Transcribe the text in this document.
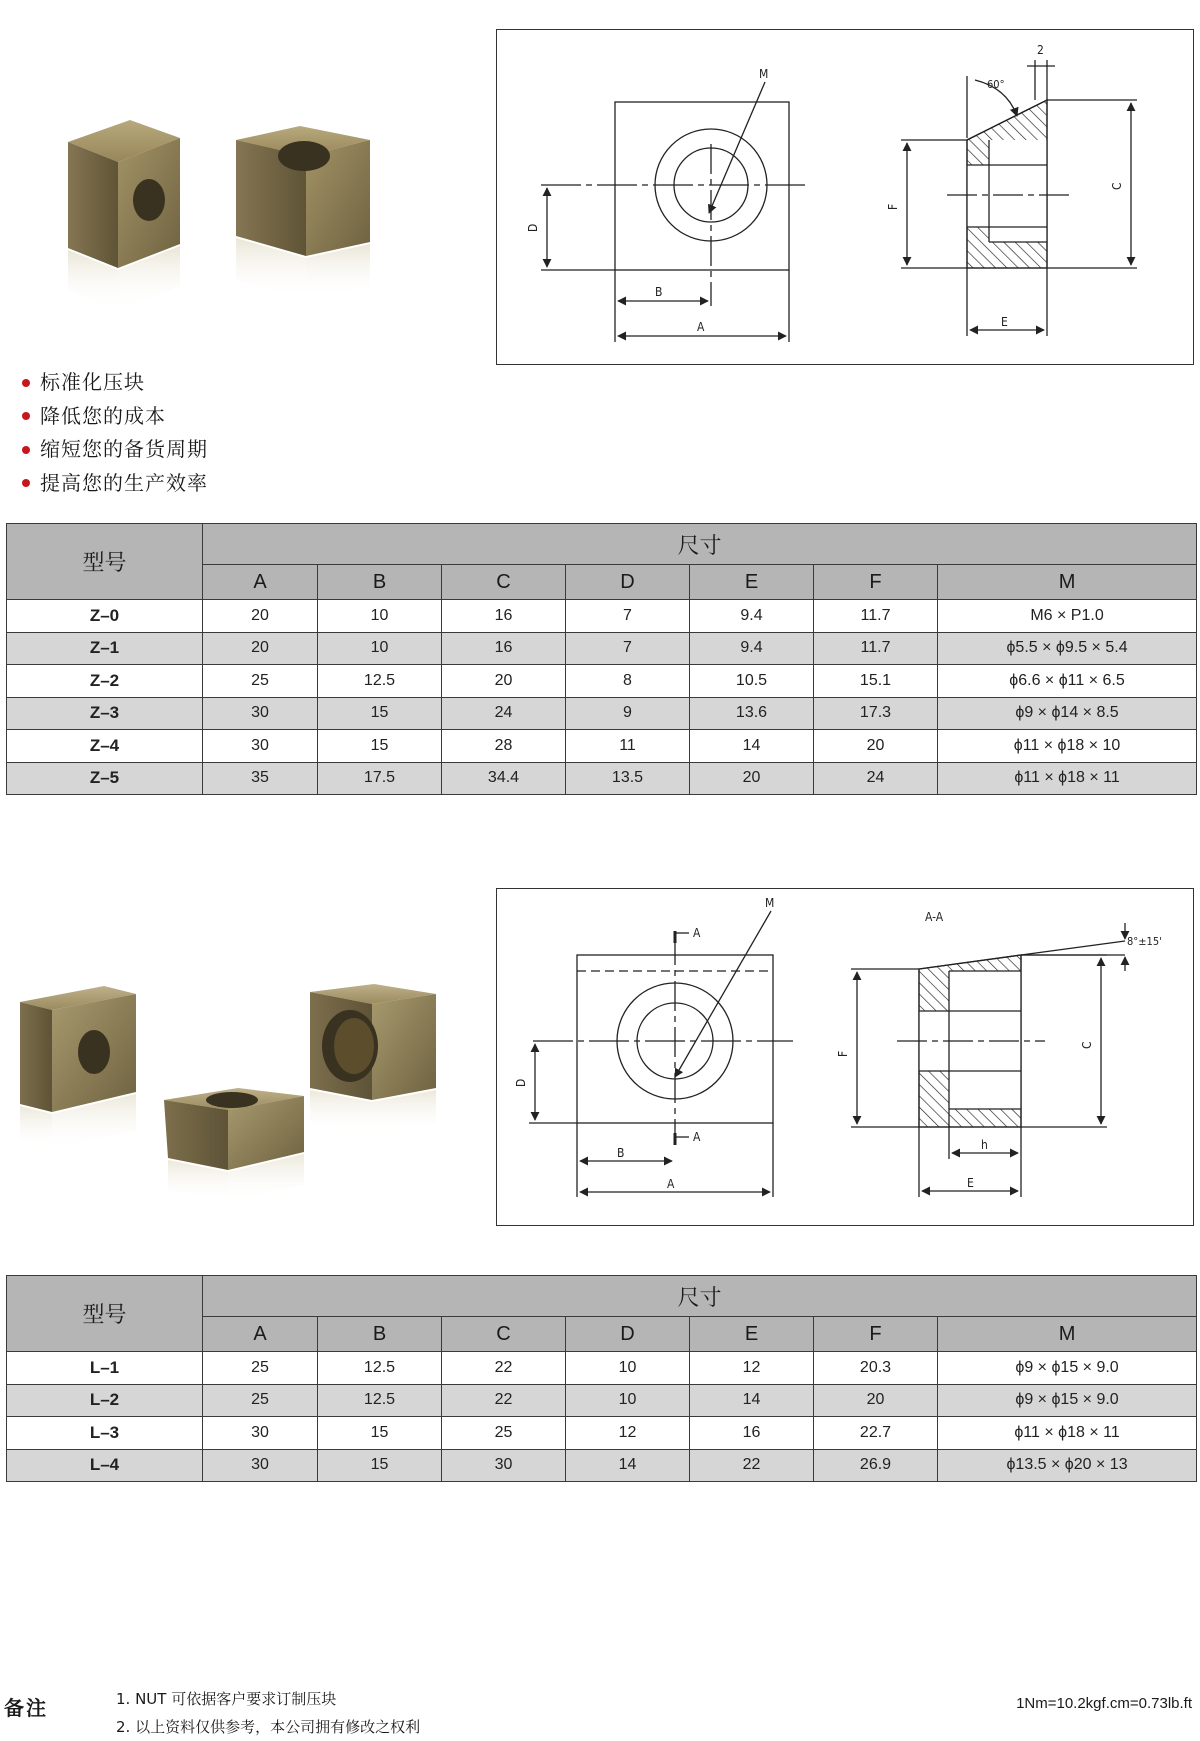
M
D
B
A
60°
2
F
C
E
标准化压块
降低您的成本
缩短您的备货周期
提高您的生产效率
型号	尺寸						
	A	B	C	D	E	F	M
Z–0	20	10	16	7	9.4	11.7	M6 × P1.0
Z–1	20	10	16	7	9.4	11.7	ϕ5.5 × ϕ9.5 × 5.4
Z–2	25	12.5	20	8	10.5	15.1	ϕ6.6 × ϕ11 × 6.5
Z–3	30	15	24	9	13.6	17.3	ϕ9 × ϕ14 × 8.5
Z–4	30	15	28	11	14	20	ϕ11 × ϕ18 × 10
Z–5	35	17.5	34.4	13.5	20	24	ϕ11 × ϕ18 × 11
M
A
A
D
B
A
A-A
8°±15'
F
C
h
E
型号	尺寸						
	A	B	C	D	E	F	M
L–1	25	12.5	22	10	12	20.3	ϕ9 × ϕ15 × 9.0
L–2	25	12.5	22	10	14	20	ϕ9 × ϕ15 × 9.0
L–3	30	15	25	12	16	22.7	ϕ11 × ϕ18 × 11
L–4	30	15	30	14	22	26.9	ϕ13.5 × ϕ20 × 13
备注	1. NUT 可依据客户要求订制压块
2. 以上资料仅供参考，本公司拥有修改之权利
1Nm=10.2kgf.cm=0.73lb.ft
